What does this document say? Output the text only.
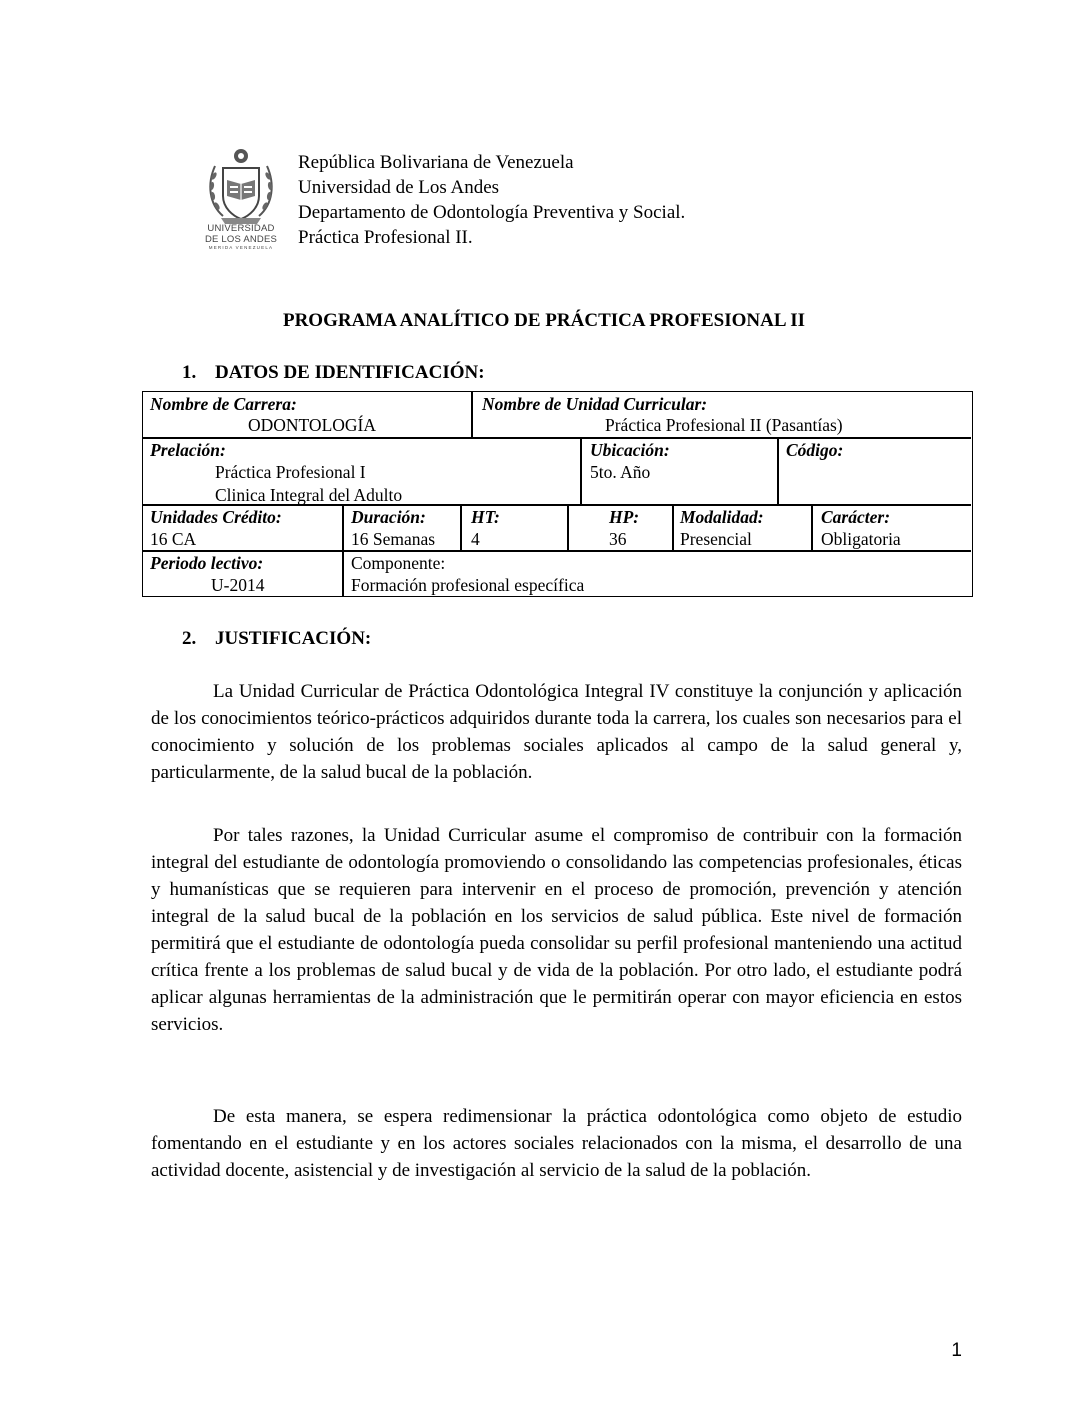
UNIVERSIDAD
DE LOS ANDES
MERIDA VENEZUELA
República Bolivariana de Venezuela
Universidad de Los Andes
Departamento de Odontología Preventiva y Social.
Práctica Profesional II.
PROGRAMA ANALÍTICO DE PRÁCTICA PROFESIONAL II
1. DATOS DE IDENTIFICACIÓN:
Nombre de Carrera:
ODONTOLOGÍA
Nombre de Unidad Curricular:
Práctica Profesional II (Pasantías)
Prelación:
Práctica Profesional I
Clinica Integral del Adulto
Ubicación:
5to. Año
Código:
Unidades Crédito:
16 CA
Duración:
16 Semanas
HT:
4
HP:
36
Modalidad:
Presencial
Carácter:
Obligatoria
Periodo lectivo:
U-2014
Componente:
Formación profesional específica
2. JUSTIFICACIÓN:

La Unidad Curricular de Práctica Odontológica Integral IV constituye la conjunción y aplicación de los conocimientos teórico-prácticos adquiridos durante toda la carrera, los cuales son necesarios para el conocimiento y solución de los problemas sociales aplicados al campo de la salud general y, particularmente, de la salud bucal de la población.

Por tales razones, la Unidad Curricular asume el compromiso de contribuir con la formación integral del estudiante de odontología promoviendo o consolidando las competencias profesionales, éticas y humanísticas que se requieren para intervenir en el proceso de promoción, prevención y atención integral de la salud bucal de la población en los servicios de salud pública. Este nivel de formación permitirá que el estudiante de odontología pueda consolidar su perfil profesional manteniendo una actitud crítica frente a los problemas de salud bucal y de vida de la población. Por otro lado, el estudiante podrá aplicar algunas herramientas de la administración que le permitirán operar con mayor eficiencia en estos servicios.

De esta manera, se espera redimensionar la práctica odontológica como objeto de estudio fomentando en el estudiante y en los actores sociales relacionados con la misma, el desarrollo de una actividad docente, asistencial y de investigación al servicio de la salud de la población.

1
